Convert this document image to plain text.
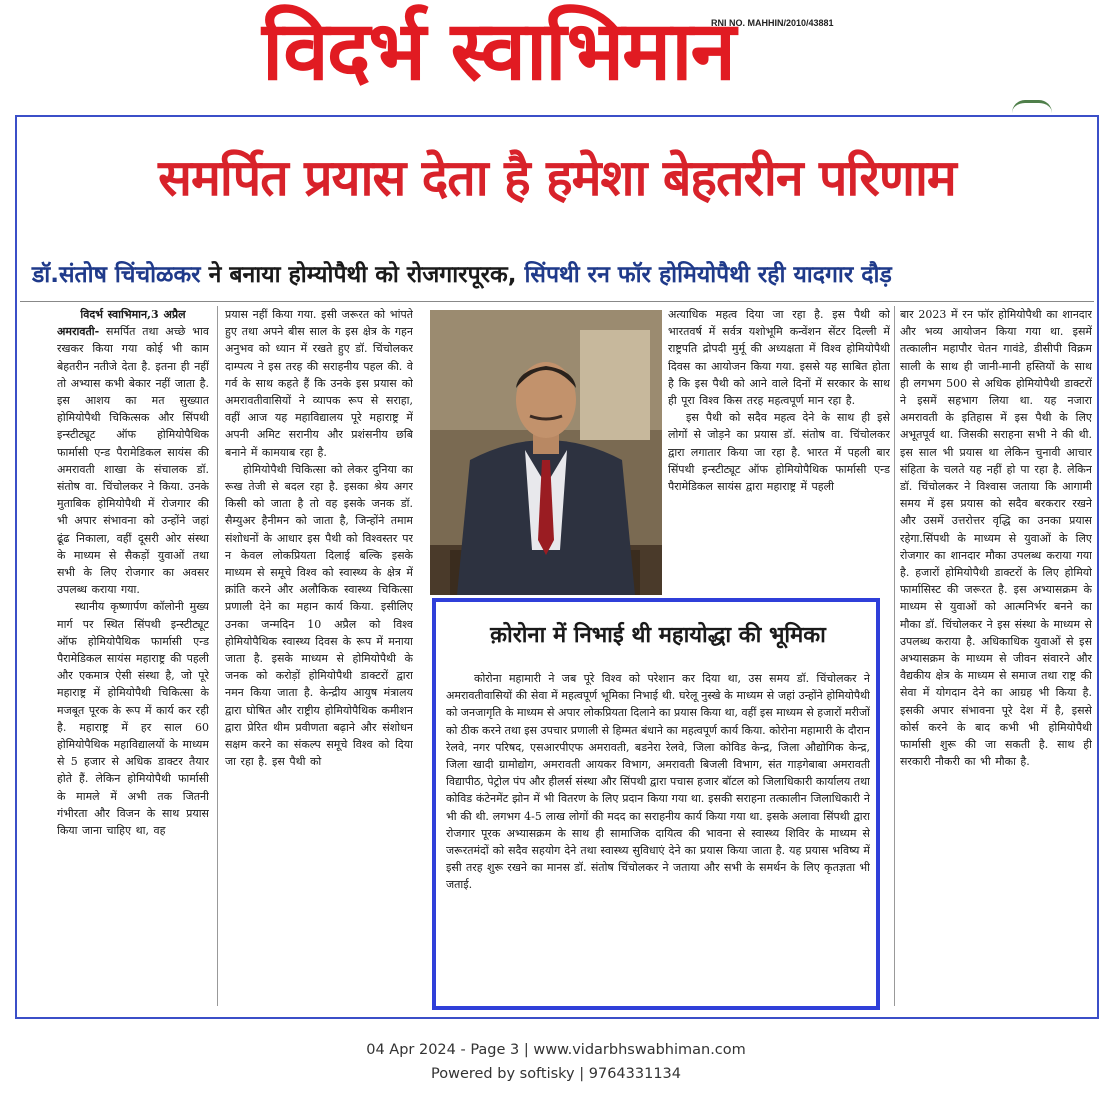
विदर्भ स्वाभिमान
RNI NO. MAHHIN/2010/43881
समर्पित प्रयास देता है हमेशा बेहतरीन परिणाम
डॉ.संतोष चिंचोळकर ने बनाया होम्योपैथी को रोजगारपूरक, सिंपथी रन फॉर होमियोपैथी रही यादगार दौड़

विदर्भ स्वाभिमान,3 अप्रैल

अमरावती- समर्पित तथा अच्छे भाव रखकर किया गया कोई भी काम बेहतरीन नतीजे देता है. इतना ही नहीं तो अभ्यास कभी बेकार नहीं जाता है. इस आशय का मत सुख्यात होमियोपैथी चिकित्सक और सिंपथी इन्स्टीट्यूट ऑफ होमियोपैथिक फार्मासी एन्ड पैरामेडिकल सायंस की अमरावती शाखा के संचालक डॉ. संतोष वा. चिंचोलकर ने किया. उनके मुताबिक होमियोपैथी में रोजगार की भी अपार संभावना को उन्होंने जहां ढूंढ निकाला, वहीं दूसरी ओर संस्था के माध्यम से सैकड़ों युवाओं तथा सभी के लिए रोजगार का अवसर उपलब्ध कराया गया.

स्थानीय कृष्णार्पण कॉलोनी मुख्य मार्ग पर स्थित सिंपथी इन्स्टीट्यूट ऑफ होमियोपैथिक फार्मासी एन्ड पैरामेडिकल सायंस महाराष्ट्र की पहली और एकमात्र ऐसी संस्था है, जो पूरे महाराष्ट्र में होमियोपैथी चिकित्सा के मजबूत पूरक के रूप में कार्य कर रही है. महाराष्ट्र में हर साल 60 होमियोपैथिक महाविद्यालयों के माध्यम से 5 हजार से अधिक डाक्टर तैयार होते हैं. लेकिन होमियोपैथी फार्मासी के मामले में अभी तक जितनी गंभीरता और विजन के साथ प्रयास किया जाना चाहिए था, वह

प्रयास नहीं किया गया. इसी जरूरत को भांपते हुए तथा अपने बीस साल के इस क्षेत्र के गहन अनुभव को ध्यान में रखते हुए डॉ. चिंचोलकर दाम्पत्य ने इस तरह की सराहनीय पहल की. वे गर्व के साथ कहते हैं कि उनके इस प्रयास को अमरावतीवासियों ने व्यापक रूप से सराहा, वहीं आज यह महाविद्यालय पूरे महाराष्ट्र में अपनी अमिट सरानीय और प्रशंसनीय छबि बनाने में कामयाब रहा है.

होमियोपैथी चिकित्सा को लेकर दुनिया का रूख तेजी से बदल रहा है. इसका श्रेय अगर किसी को जाता है तो वह इसके जनक डॉ. सैम्युअर हैनीमन को जाता है, जिन्होंने तमाम संशोधनों के आधार इस पैथी को विश्वस्तर पर न केवल लोकप्रियता दिलाई बल्कि इसके माध्यम से समूचे विश्व को स्वास्थ्य के क्षेत्र में क्रांति करने और अलौकिक स्वास्थ्य चिकित्सा प्रणाली देने का महान कार्य किया. इसीलिए उनका जन्मदिन 10 अप्रैल को विश्व होमियोपैथिक स्वास्थ्य दिवस के रूप में मनाया जाता है. इसके माध्यम से होमियोपैथी के जनक को करोड़ों होमियोपैथी डाक्टरों द्वारा नमन किया जाता है. केन्द्रीय आयुष मंत्रालय द्वारा घोषित और राष्ट्रीय होमियोपैथिक कमीशन द्वारा प्रेरित थीम प्रवीणता बढ़ाने और संशोधन सक्षम करने का संकल्प समूचे विश्व को दिया जा रहा है. इस पैथी को

अत्याधिक महत्व दिया जा रहा है. इस पैथी को भारतवर्ष में सर्वत्र यशोभूमि कन्वेंशन सेंटर दिल्ली में राष्ट्रपति द्रोपदी मुर्मू की अध्यक्षता में विश्व होमियोपैथी दिवस का आयोजन किया गया. इससे यह साबित होता है कि इस पैथी को आने वाले दिनों में सरकार के साथ ही पूरा विश्व किस तरह महत्वपूर्ण मान रहा है.

इस पैथी को सदैव महत्व देने के साथ ही इसे लोगों से जोड़ने का प्रयास डॉ. संतोष वा. चिंचोलकर द्वारा लगातार किया जा रहा है. भारत में पहली बार सिंपथी इन्स्टीट्यूट ऑफ होमियोपैथिक फार्मासी एन्ड पैरामेडिकल सायंस द्वारा महाराष्ट्र में पहली

क़ोरोना में निभाई थी महायोद्धा की भूमिका
कोरोना महामारी ने जब पूरे विश्व को परेशान कर दिया था, उस समय डॉ. चिंचोलकर ने अमरावतीवासियों की सेवा में महत्वपूर्ण भूमिका निभाई थी. घरेलू नुस्खे के माध्यम से जहां उन्होंने होमियोपैथी को जनजागृति के माध्यम से अपार लोकप्रियता दिलाने का प्रयास किया था, वहीं इस माध्यम से हजारों मरीजों को ठीक करने तथा इस उपचार प्रणाली से हिम्मत बंधाने का महत्वपूर्ण कार्य किया. कोरोना महामारी के दौरान रेलवे, नगर परिषद, एसआरपीएफ अमरावती, बडनेरा रेलवे, जिला कोविड केन्द्र, जिला औद्योगिक केन्द्र, जिला खादी ग्रामोद्योग, अमरावती आयकर विभाग, अमरावती बिजली विभाग, संत गाड़गेबाबा अमरावती विद्यापीठ, पेट्रोल पंप और हीलर्स संस्था और सिंपथी द्वारा पचास हजार बॉटल को जिलाधिकारी कार्यालय तथा कोविड कंटेनमेंट झोन में भी वितरण के लिए प्रदान किया गया था. इसकी सराहना तत्कालीन जिलाधिकारी ने भी की थी. लगभग 4-5 लाख लोगों की मदद का सराहनीय कार्य किया गया था. इसके अलावा सिंपथी द्वारा रोजगार पूरक अभ्यासक्रम के साथ ही सामाजिक दायित्व की भावना से स्वास्थ्य शिविर के माध्यम से जरूरतमंदों को सदैव सहयोग देने तथा स्वास्थ्य सुविधाएं देने का प्रयास किया जाता है. यह प्रयास भविष्य में इसी तरह शुरू रखने का मानस डॉ. संतोष चिंचोलकर ने जताया और सभी के समर्थन के लिए कृतज्ञता भी जताई.

बार 2023 में रन फॉर होमियोपैथी का शानदार और भव्य आयोजन किया गया था. इसमें तत्कालीन महापौर चेतन गावंडे, डीसीपी विक्रम साली के साथ ही जानी-मानी हस्तियों के साथ ही लगभग 500 से अधिक होमियोपैथी डाक्टरों ने इसमें सहभाग लिया था. यह नजारा अमरावती के इतिहास में इस पैथी के लिए अभूतपूर्व था. जिसकी सराहना सभी ने की थी. इस साल भी प्रयास था लेकिन चुनावी आचार संहिता के चलते यह नहीं हो पा रहा है. लेकिन डॉ. चिंचोलकर ने विश्वास जताया कि आगामी समय में इस प्रयास को सदैव बरकरार रखने और उसमें उत्तरोत्तर वृद्धि का उनका प्रयास रहेगा.सिंपथी के माध्यम से युवाओं के लिए रोजगार का शानदार मौका उपलब्ध कराया गया है. हजारों होमियोपैथी डाक्टरों के लिए होमियो फार्मासिस्ट की जरूरत है. इस अभ्यासक्रम के माध्यम से युवाओं को आत्मनिर्भर बनने का मौका डॉ. चिंचोलकर ने इस संस्था के माध्यम से उपलब्ध कराया है. अधिकाधिक युवाओं से इस अभ्यासक्रम के माध्यम से जीवन संवारने और वैद्यकीय क्षेत्र के माध्यम से समाज तथा राष्ट्र की सेवा में योगदान देने का आग्रह भी किया है. इसकी अपार संभावना पूरे देश में है, इससे कोर्स करने के बाद कभी भी होमियोपैथी फार्मासी शुरू की जा सकती है. साथ ही सरकारी नौकरी का भी मौका है.

04 Apr 2024 - Page 3 | www.vidarbhswabhiman.com
Powered by softisky | 9764331134
